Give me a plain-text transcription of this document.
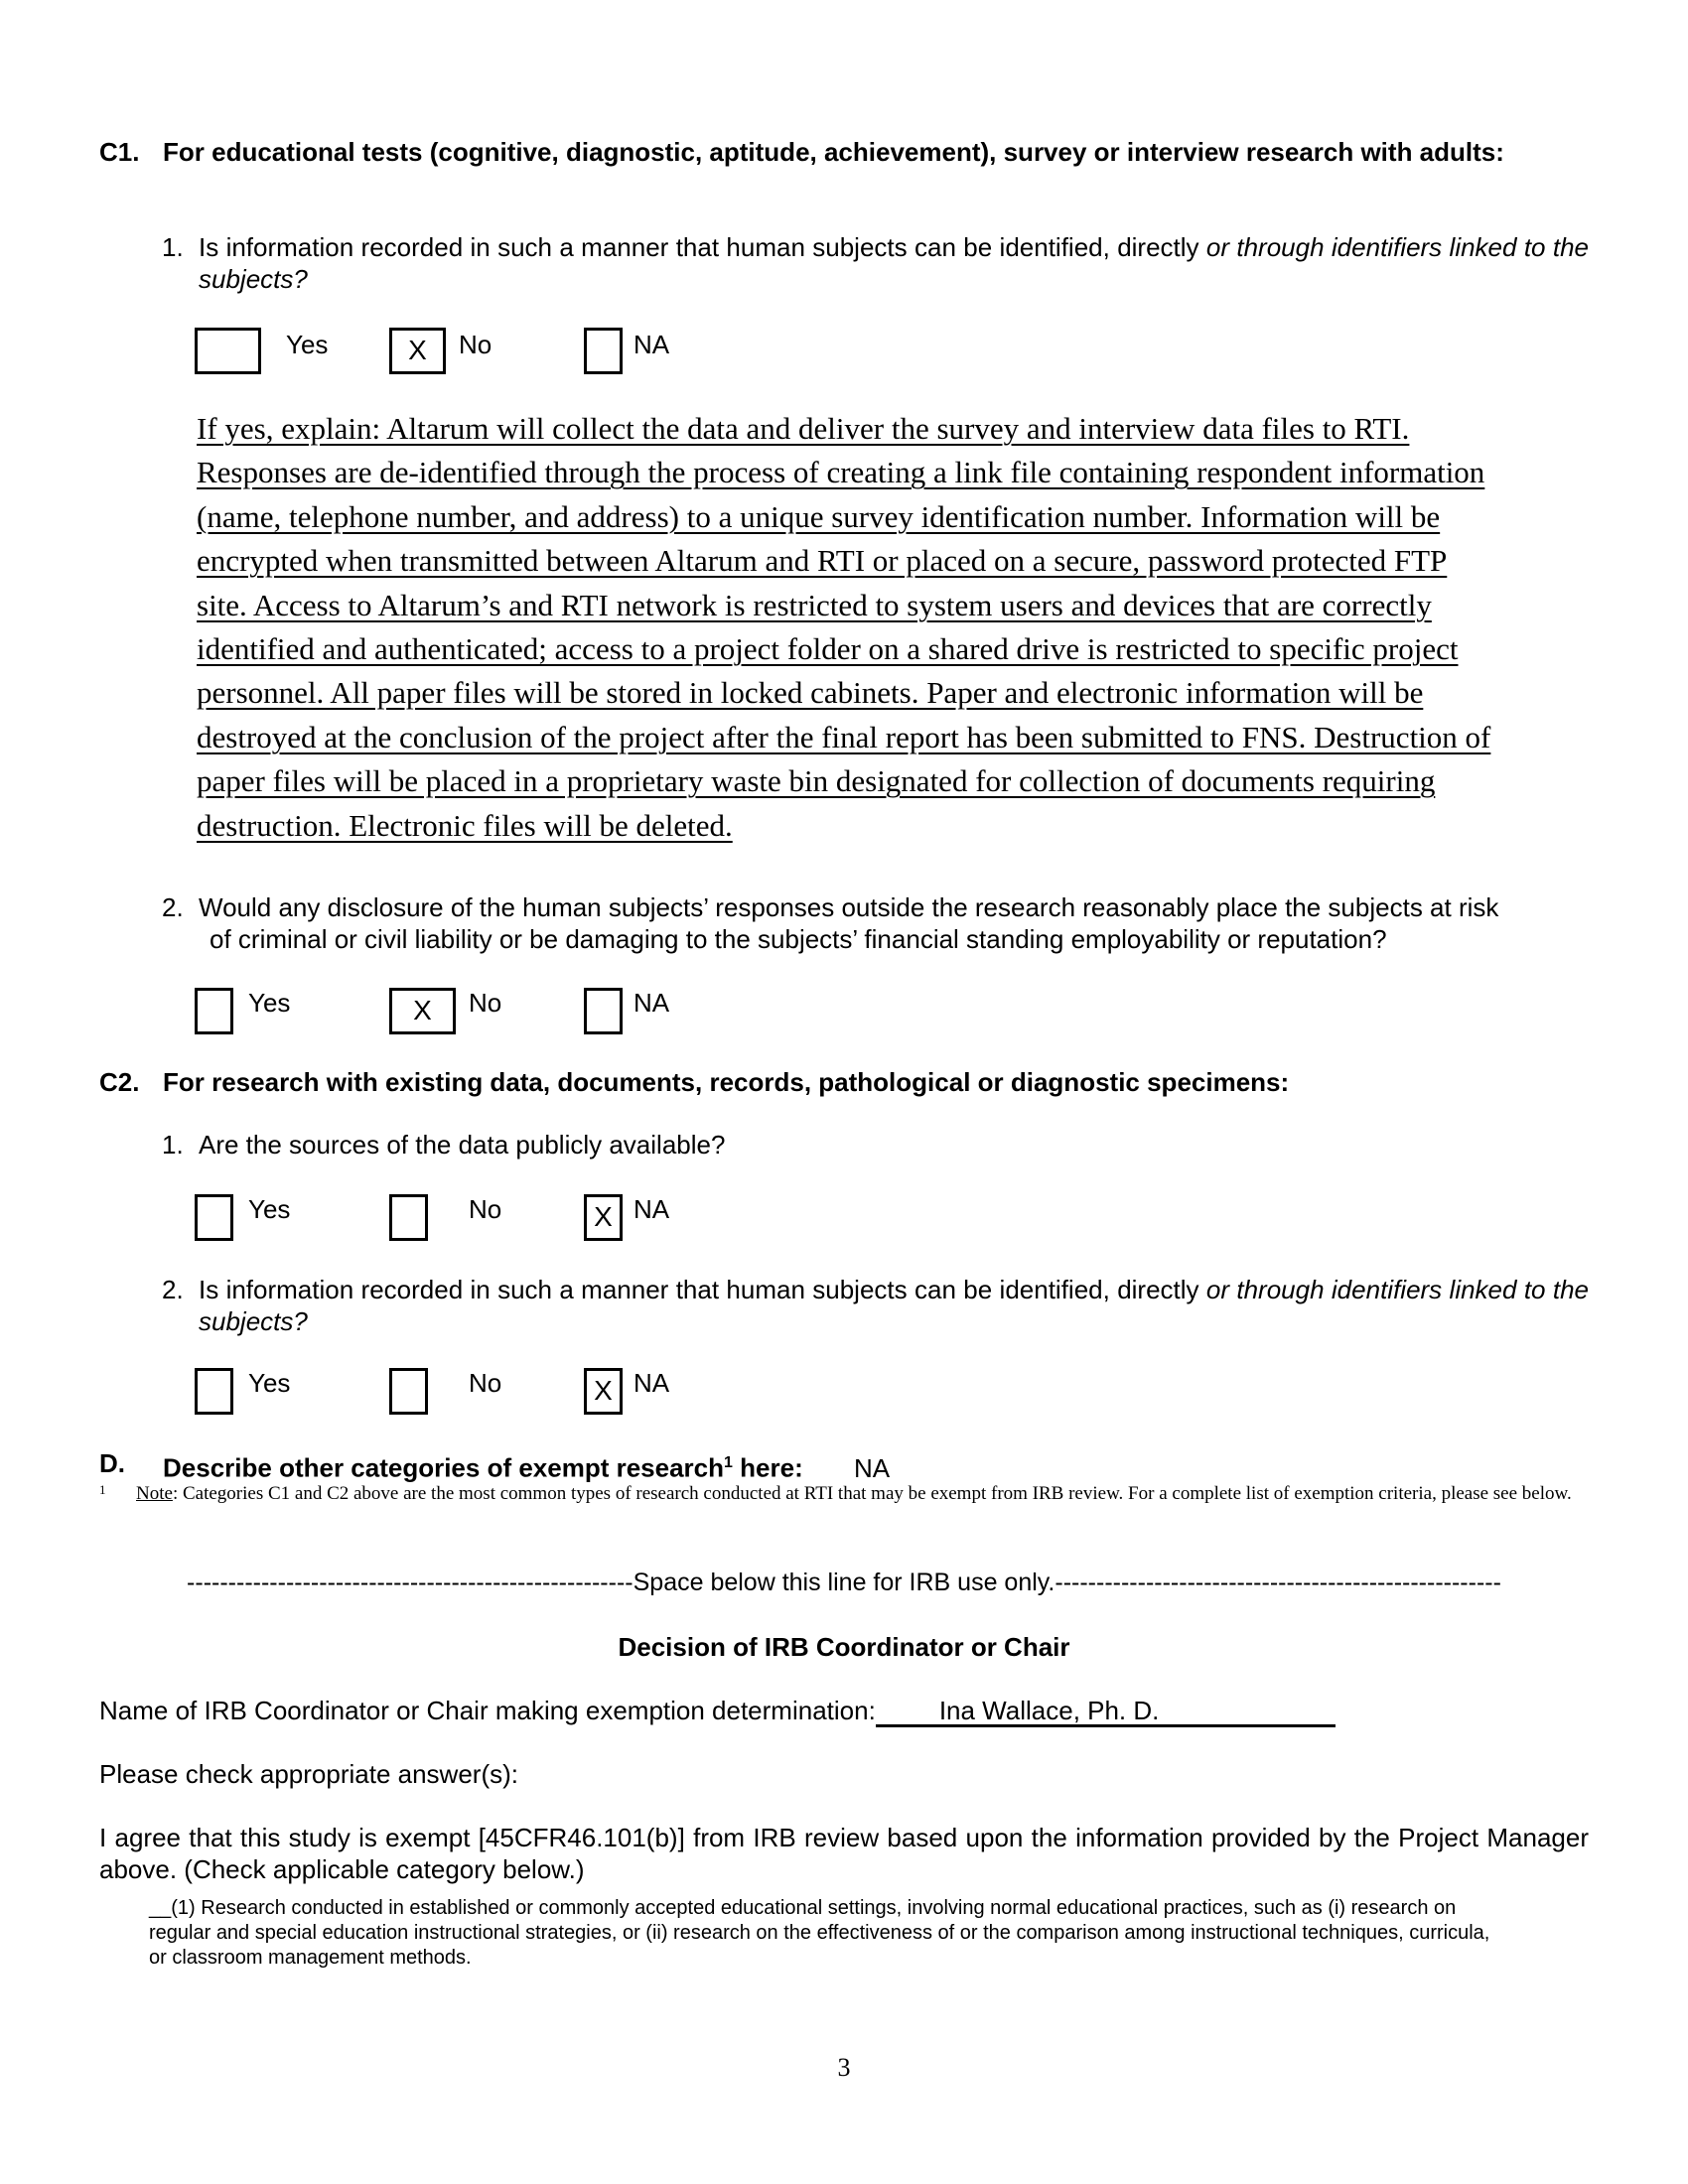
C1. For educational tests (cognitive, diagnostic, aptitude, achievement), survey or interview research with adults:
1. Is information recorded in such a manner that human subjects can be identified, directly or through identifiers linked to the subjects?
Yes	X	No	NA
If yes, explain: Altarum will collect the data and deliver the survey and interview data files to RTI.
Responses are de-identified through the process of creating a link file containing respondent information
(name, telephone number, and address) to a unique survey identification number. Information will be
encrypted when transmitted between Altarum and RTI or placed on a secure, password protected FTP
site. Access to Altarum’s and RTI network is restricted to system users and devices that are correctly
identified and authenticated; access to a project folder on a shared drive is restricted to specific project
personnel. All paper files will be stored in locked cabinets. Paper and electronic information will be
destroyed at the conclusion of the project after the final report has been submitted to FNS. Destruction of
paper files will be placed in a proprietary waste bin designated for collection of documents requiring
destruction. Electronic files will be deleted.
2. Would any disclosure of the human subjects’ responses outside the research reasonably place the subjects at risk
of criminal or civil liability or be damaging to the subjects’ financial standing employability or reputation?
Yes	X	No	NA
C2. For research with existing data, documents, records, pathological or diagnostic specimens:
1. Are the sources of the data publicly available?
Yes	No	X NA
2. Is information recorded in such a manner that human subjects can be identified, directly or through identifiers linked to the subjects?
Yes	No	X NA
D. Describe other categories of exempt research$^1$ here: NA
1 Note: Categories C1 and C2 above are the most common types of research conducted at RTI that may be exempt from IRB review. For a complete list of exemption criteria, please see below.
------------------------------------------------------Space below this line for IRB use only.------------------------------------------------------
Decision of IRB Coordinator or Chair
Name of IRB Coordinator or Chair making exemption determination: Ina Wallace, Ph. D.
Please check appropriate answer(s):
I agree that this study is exempt [45CFR46.101(b)] from IRB review based upon the information provided by the Project Manager above. (Check applicable category below.)
__(1) Research conducted in established or commonly accepted educational settings, involving normal educational practices, such as (i) research on regular and special education instructional strategies, or (ii) research on the effectiveness of or the comparison among instructional techniques, curricula, or classroom management methods.
3
